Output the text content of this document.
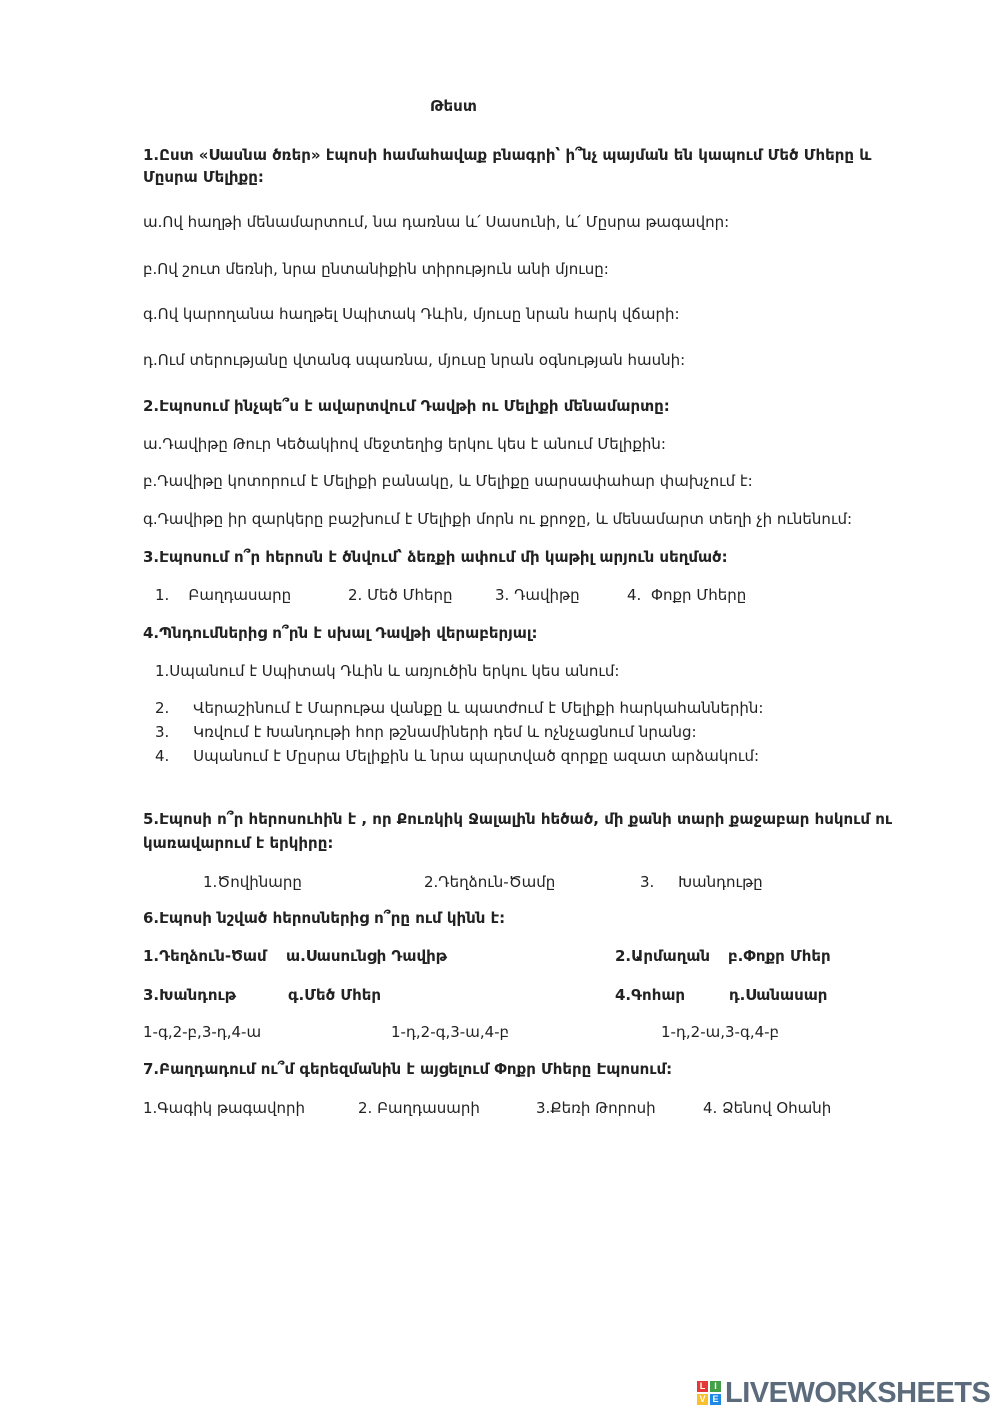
Թեստ
1.Ըստ «Սասնա ծռեր» էպոսի համահավաք բնագրի՝ ի՞նչ պայման են կապում Մեծ Մհերը և
Մըսրա Մելիքը:
ա.Ով հաղթի մենամարտում, նա դառնա և՛ Սասունի, և՛ Մըսրա թագավոր:
բ.Ով շուտ մեռնի, նրա ընտանիքին տիրություն անի մյուսը:
գ.Ով կարողանա հաղթել Սպիտակ Դևին, մյուսը նրան հարկ վճարի:
դ.Ում տերությանը վտանգ սպառնա, մյուսը նրան օգնության հասնի:
2.Էպոսում ինչպե՞ս է ավարտվում Դավթի ու Մելիքի մենամարտը:
ա.Դավիթը Թուր Կեծակիով մեջտեղից երկու կես է անում Մելիքին:
բ.Դավիթը կոտորում է Մելիքի բանակը, և Մելիքը սարսափահար փախչում է:
գ.Դավիթը իր զարկերը բաշխում է Մելիքի մորն ու քրոջը, և մենամարտ տեղի չի ունենում:
3.Էպոսում ո՞ր հերոսն է ծնվում՝ ձեռքի ափում մի կաթիլ արյուն սեղմած:
1.    Բաղդասարը	2. Մեծ Մհերը	3. Դավիթը	4.  Փոքր Մհերը
4.Պնդումներից ո՞րն է սխալ Դավթի վերաբերյալ:
1.Սպանում է Սպիտակ Դևին և առյուծին երկու կես անում:
2.     Վերաշինում է Մարութա վանքը և պատժում է Մելիքի հարկահաններին:
3.     Կռվում է Խանդութի հոր թշնամիների դեմ և ոչնչացնում նրանց:
4.     Սպանում է Մըսրա Մելիքին և նրա պարտված զորքը ազատ արձակում:
5.Էպոսի ո՞ր հերոսուհին է , որ Քուռկիկ Ջալալին հեծած, մի քանի տարի քաջաբար հսկում ու
կառավարում է երկիրը:
1.Ծովինարը	2.Դեղձուն-Ծամը	3.     Խանդութը
6.Էպոսի նշված հերոսներից ո՞րը ում կինն է:
1.Դեղձուն-Ծամ ա.Սասունցի Դավիթ	2.Արմաղան բ.Փոքր Մհեր
3.Խանդութ	գ.Մեծ Մհեր	4.Գոհար	դ.Սանասար
1-գ,2-բ,3-դ,4-ա	1-դ,2-գ,3-ա,4-բ	1-դ,2-ա,3-գ,4-բ
7.Բաղդադում ու՞մ գերեզմանին է այցելում Փոքր Մհերը Էպոսում:
1.Գագիկ թագավորի	2. Բաղդասարի	3.Քեռի Թորոսի	4. Ձենով Օհանի
L I
V E LIVEWORKSHEETS
